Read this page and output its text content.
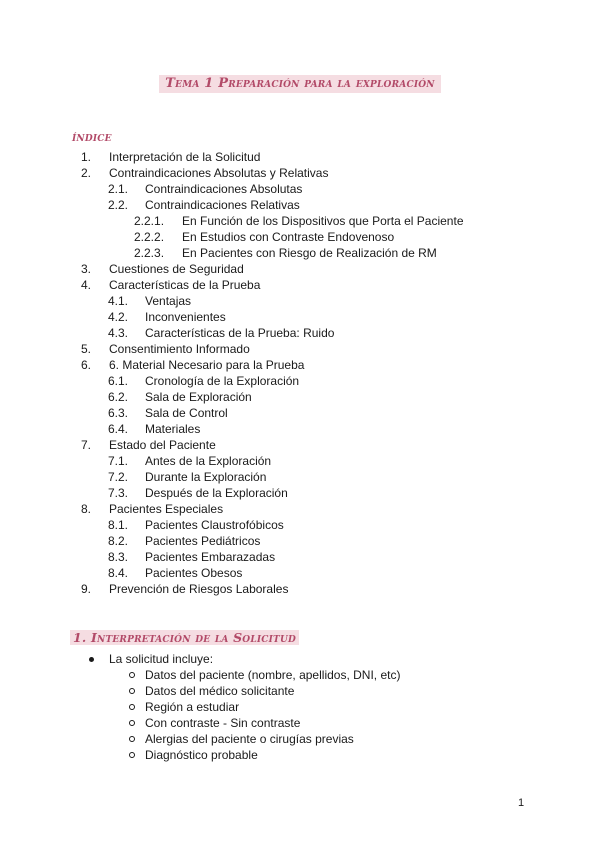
Tema 1 Preparación para la exploración
índice
1. Interpretación de la Solicitud
2. Contraindicaciones Absolutas y Relativas
2.1. Contraindicaciones Absolutas
2.2. Contraindicaciones Relativas
2.2.1. En Función de los Dispositivos que Porta el Paciente
2.2.2. En Estudios con Contraste Endovenoso
2.2.3. En Pacientes con Riesgo de Realización de RM
3. Cuestiones de Seguridad
4. Características de la Prueba
4.1. Ventajas
4.2. Inconvenientes
4.3. Características de la Prueba: Ruido
5. Consentimiento Informado
6. 6. Material Necesario para la Prueba
6.1. Cronología de la Exploración
6.2. Sala de Exploración
6.3. Sala de Control
6.4. Materiales
7. Estado del Paciente
7.1. Antes de la Exploración
7.2. Durante la Exploración
7.3. Después de la Exploración
8. Pacientes Especiales
8.1. Pacientes Claustrofóbicos
8.2. Pacientes Pediátricos
8.3. Pacientes Embarazadas
8.4. Pacientes Obesos
9. Prevención de Riesgos Laborales
1. Interpretación de la Solicitud
La solicitud incluye:
Datos del paciente (nombre, apellidos, DNI, etc)
Datos del médico solicitante
Región a estudiar
Con contraste - Sin contraste
Alergias del paciente o cirugías previas
Diagnóstico probable
1
